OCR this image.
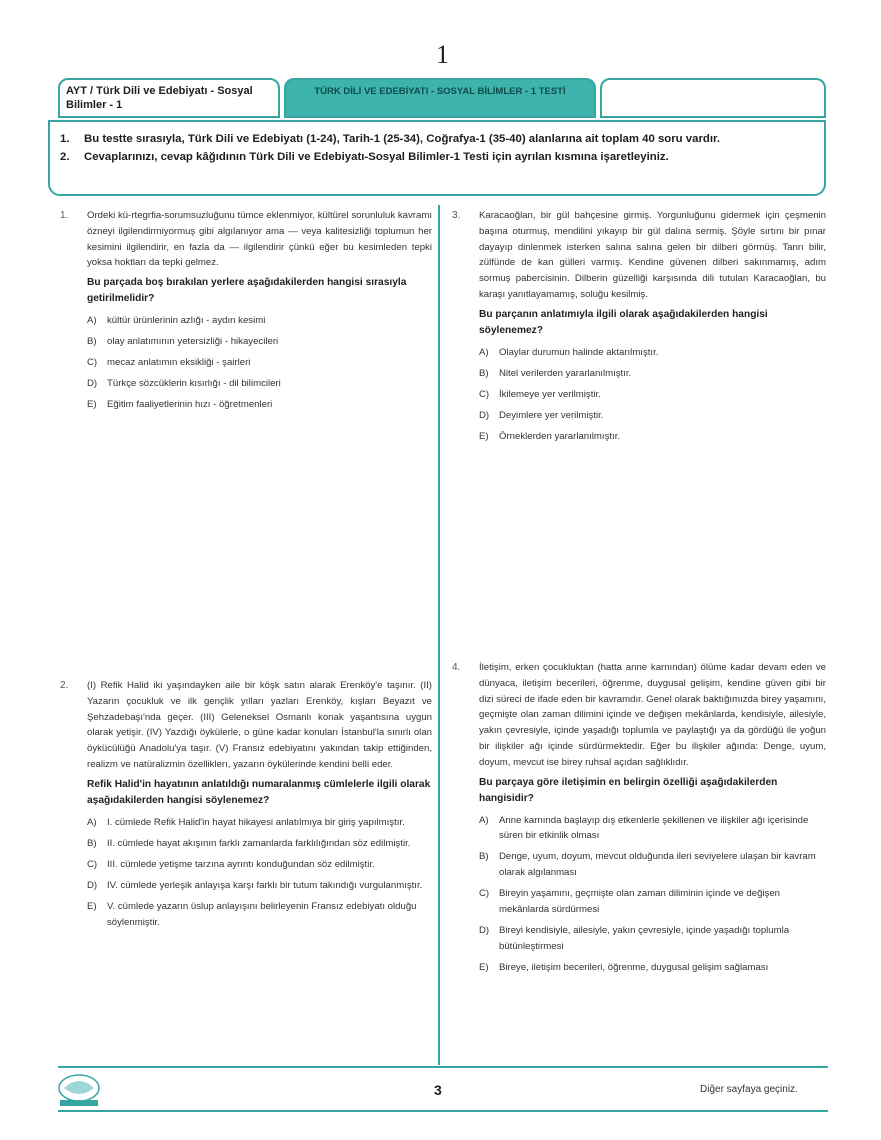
1
AYT / Türk Dili ve Edebiyatı - Sosyal Bilimler - 1
TÜRK DİLİ VE EDEBİYATI - SOSYAL BİLİMLER - 1 TESTİ
1.	Bu testte sırasıyla, Türk Dili ve Edebiyatı (1-24), Tarih-1 (25-34), Coğrafya-1 (35-40) alanlarına ait toplam 40 soru vardır.
2.	Cevaplarınızı, cevap kâğıdının Türk Dili ve Edebiyatı-Sosyal Bilimler-1 Testi için ayrılan kısmına işaretleyiniz.
1. Ordeki kü-rtegrfia-sorumsuzluğunu tümce eklenmiyor, kültürel sorunluluk kavramı özneyi ilgilendirmiyormuş gibi algılanıyor ama — veya kalitesizliği toplumun her kesimini ilgilendirir, en fazla da — ilgilendirir çünkü eğer bu kesimleden tepki yoksa hoktları da tepki gelmez.
Bu parçada boş bırakılan yerlere aşağıdakilerden hangisi sırasıyla getirilmelidir?
A)	kültür ürünlerinin azlığı - aydın kesimi
B)	olay anlatımının yetersizliği - hikayecileri
C)	mecaz anlatımın eksikliği - şairleri
D)	Türkçe sözcüklerin kısırlığı - dil bilimcileri
E)	Eğitim faaliyetlerinin hızı - öğretmenleri
3. Karacaoğlan, bir gül bahçesine girmiş. Yorgunluğunu gidermek için çeşmenin başına oturmuş, mendilini yıkayıp bir gül dalına sermiş. Şöyle sırtını bir pınar dayayıp dinlenmek isterken salına salına gelen bir dilberi görmüş. Tanrı bilir, zülfünde de kan gülleri varmış. Kendine güvenen dilberi sakınmamış, adım sormuş pabercisinin. Dilberin güzelliği karşısında dili tutulan Karacaoğlan, bu karaşı yanıtlayamamış, soluğu kesilmiş.
Bu parçanın anlatımıyla ilgili olarak aşağıdakilerden hangisi söylenemez?
A)	Olaylar durumun halinde aktarılmıştır.
B)	Nitel verilerden yararlanılmıştır.
C)	İkilemeye yer verilmiştir.
D)	Deyimlere yer verilmiştir.
E)	Örneklerden yararlanılmıştır.
2. (I) Refik Halid iki yaşındayken aile bir köşk satın alarak Erenköy'e taşınır. (II) Yazarın çocukluk ve ilk gençlik yılları yazları Erenköy, kışları Beyazıt ve Şehzadebaşı'nda geçer. (III) Geleneksel Osmanlı konak yaşantısına uygun olarak yetişir. (IV) Yazdığı öykülerle, o güne kadar konuları İstanbul'la sınırlı olan öykücülüğü Anadolu'ya taşır. (V) Fransız edebiyatını yakından takip ettiğinden, realizm ve natüralizmin özelliklerı, yazarın öykülerinde kendini belli eder.
Refik Halid'in hayatının anlatıldığı numaralanmış cümlelerle ilgili olarak aşağıdakilerden hangisi söylenemez?
A)	I. cümlede Refik Halid'in hayat hikayesi anlatılmıya bir giriş yapılmıştır.
B)	II. cümlede hayat akışının farklı zamanlarda farklılığından söz edilmiştir.
C)	III. cümlede yetişme tarzına ayrıntı konduğundan söz edilmiştir.
D)	IV. cümlede yerleşik anlayışa karşı farklı bir tutum takındığı vurgulanmıştır.
E)	V. cümlede yazarın üslup anlayışını belirleyenin Fransız edebiyatı olduğu söylenmiştir.
4. İletişim, erken çocukluktan (hatta anne karnından) ölüme kadar devam eden ve dünyaca, iletişim becerileri, öğrenme, duygusal gelişim, kendine güven gibi bir dizi süreci de ifade eden bir kavramdır. Genel olarak baktığımızda birey yaşamını, geçmişte olan zaman dilimini içinde ve değişen mekânlarda, kendisiyle, ailesiyle, yakın çevresiyle, içinde yaşadığı toplumla ve paylaştığı ya da gördüğü ile yoğun bir ilişkiler ağı içinde sürdürmektedir. Eğer bu ilişkiler ağında: Denge, uyum, doyum, mevcut ise birey ruhsal açıdan sağlıklıdır.
Bu parçaya göre iletişimin en belirgin özelliği aşağıdakilerden hangisidir?
A)	Anne karnında başlayıp dış etkenlerle şekillenen ve ilişkiler ağı içerisinde süren bir etkinlik olması
B)	Denge, uyum, doyum, mevcut olduğunda ileri seviyelere ulaşan bir kavram olarak algılanması
C)	Bireyin yaşamını, geçmişte olan zaman diliminin içinde ve değişen mekânlarda sürdürmesi
D)	Bireyi kendisiyle, ailesiyle, yakın çevresiyle, içinde yaşadığı toplumla bütünleştirmesi
E)	Bireye, iletişim becerileri, öğrenme, duygusal gelişim sağlaması
3	Diğer sayfaya geçiniz.
